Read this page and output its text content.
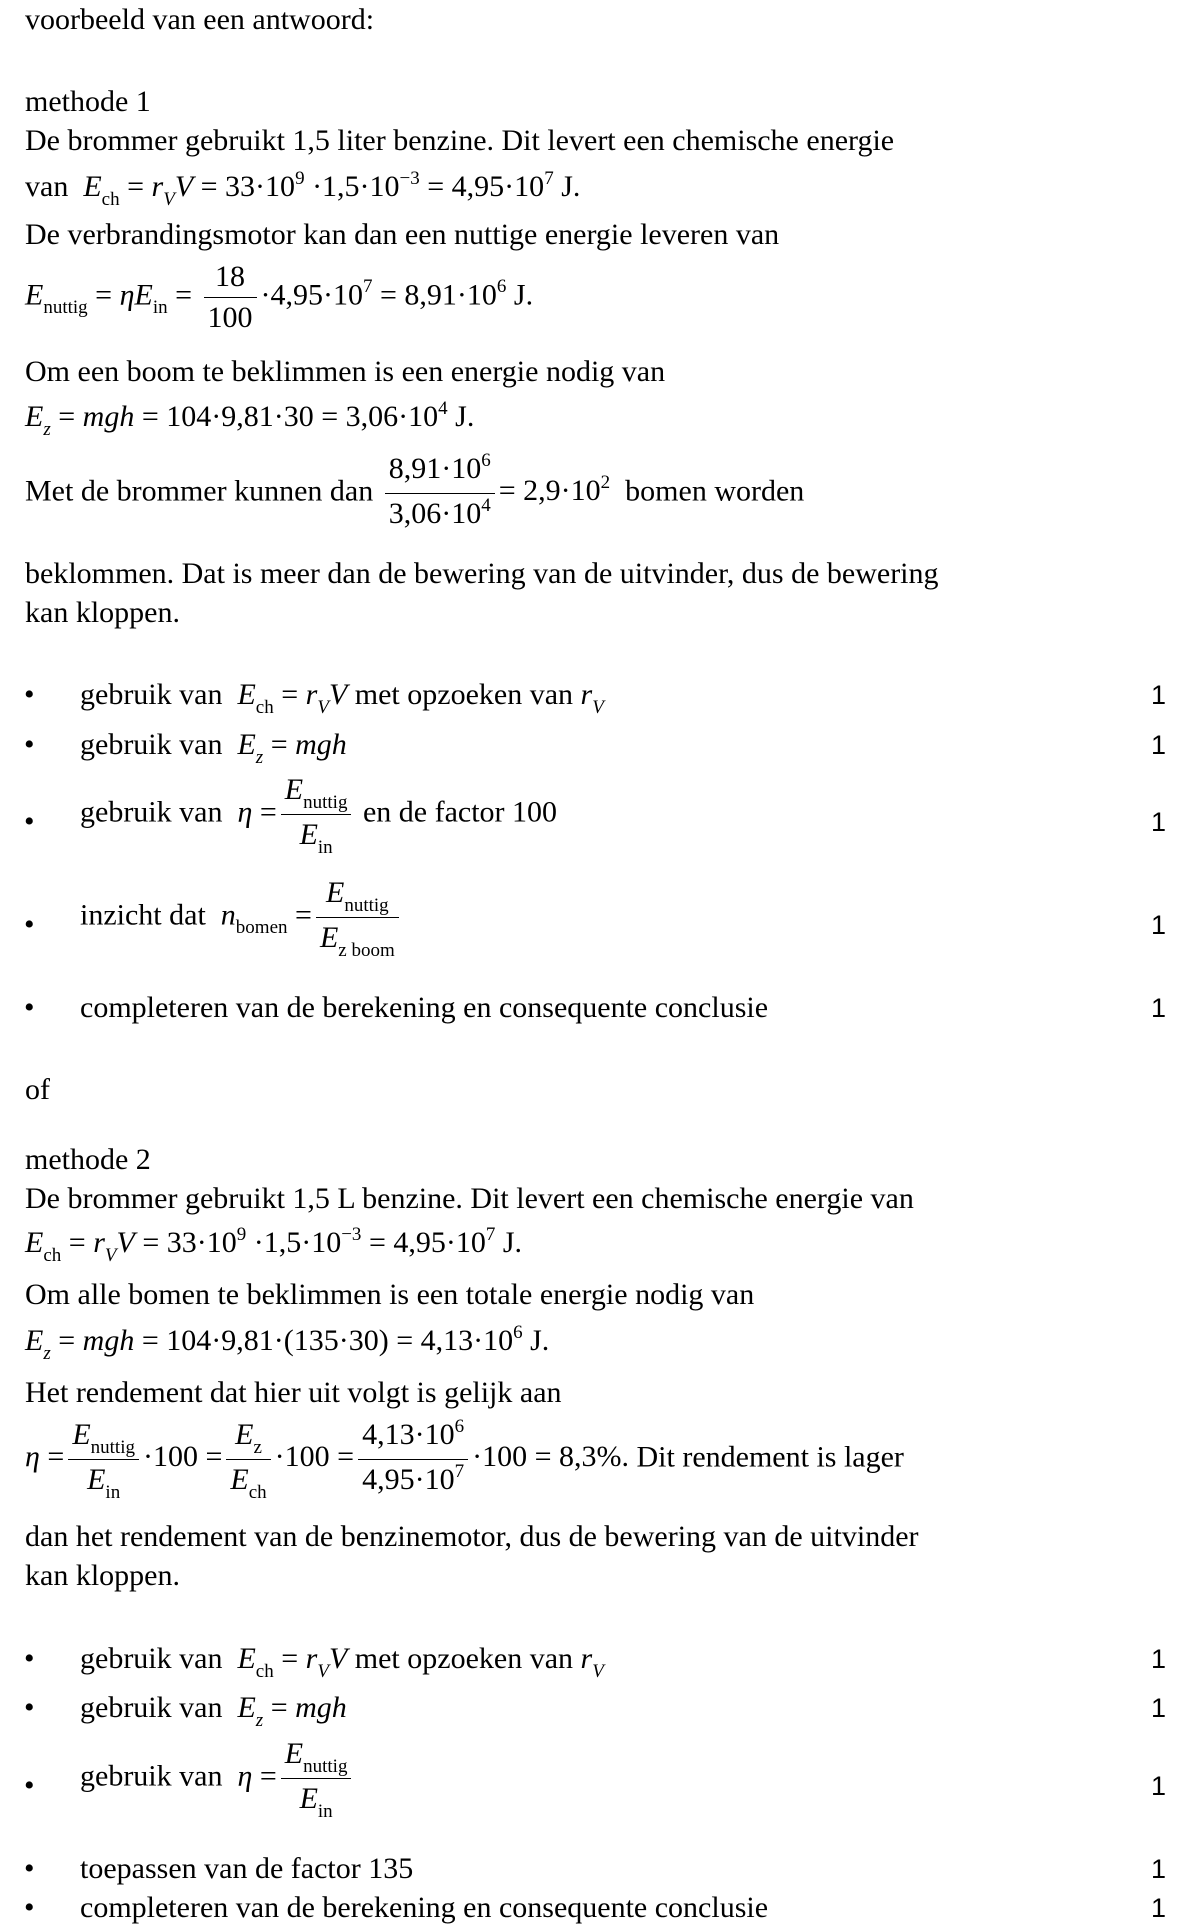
voorbeeld van een antwoord:
methode 1
De brommer gebruikt 1,5 liter benzine. Dit levert een chemische energie
van $E_{ch} = r_VV = 33\cdot 10^9 \cdot 1,5\cdot 10^{-3} = 4,95\cdot 10^7$ J.
De verbrandingsmotor kan dan een nuttige energie leveren van
$E_{nuttig} = \eta E_{in} = \frac{18}{100} \cdot 4,95\cdot 10^7 = 8,91\cdot 10^6$ J.
Om een boom te beklimmen is een energie nodig van
$E_z$ = mgh = $104\cdot 9,81\cdot 30 = 3,06\cdot 10^4$ J.
Met de brommer kunnen dan $\frac{8,91\cdot 10^6}{3,06\cdot 10^4} = 2,9\cdot 10^2$ bomen worden
beklommen. Dat is meer dan de bewering van de uitvinder, dus de bewering
kan kloppen.
• gebruik van $E_{ch} = r_VV$ met opzoeken van $r_V$	1
• gebruik van $E_z$ = mgh	1
• gebruik van $\eta = \frac{E_{nuttig}}{E_{in}}$ en de factor 100	1
• inzicht dat $n_{bomen} = \frac{E_{nuttig}}{E_{z boom}}$	1
• completeren van de berekening en consequente conclusie	1
of
methode 2
De brommer gebruikt 1,5 L benzine. Dit levert een chemische energie van
$E_{ch} = r_VV = 33\cdot 10^9 \cdot 1,5\cdot 10^{-3} = 4,95\cdot 10^7$ J.
Om alle bomen te beklimmen is een totale energie nodig van
$E_z$ = mgh = $104\cdot 9,81\cdot(135\cdot 30) = 4,13\cdot 10^6$ J.
Het rendement dat hier uit volgt is gelijk aan
$\eta = \frac{E_{nuttig}}{E_{in}} \cdot 100 = \frac{E_z}{E_{ch}} \cdot 100 = \frac{4,13\cdot 10^6}{4,95\cdot 10^7} \cdot 100 = 8,3\%$. Dit rendement is lager
dan het rendement van de benzinemotor, dus de bewering van de uitvinder
kan kloppen.
• gebruik van $E_{ch} = r_VV$ met opzoeken van $r_V$	1
• gebruik van $E_z$ = mgh	1
• gebruik van $\eta = \frac{E_{nuttig}}{E_{in}}$	1
• toepassen van de factor 135	1
• completeren van de berekening en consequente conclusie	1
